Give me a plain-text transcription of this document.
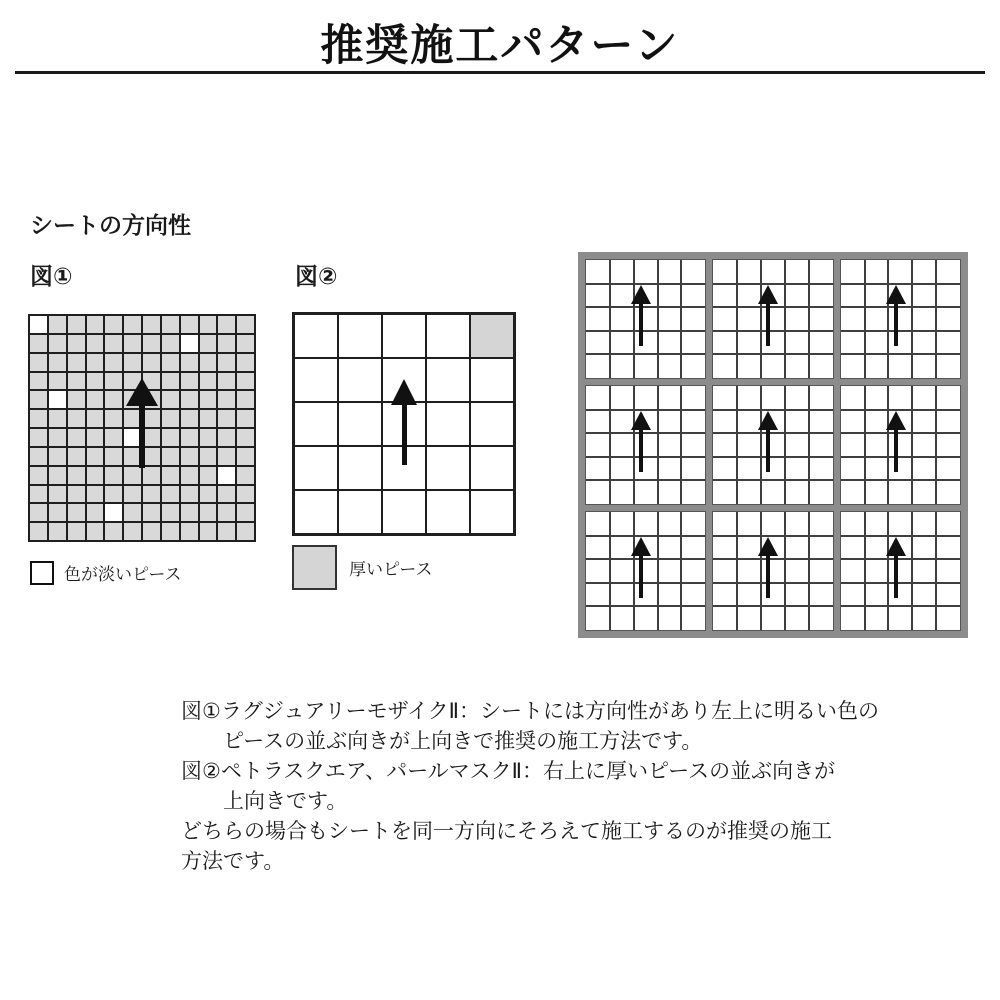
推奨施工パターン
シートの方向性
図①	図②
色が淡いピース	厚いピース
図①ラグジュアリーモザイクⅡ：シートには方向性があり左上に明るい色の
ピースの並ぶ向きが上向きで推奨の施工方法です。
図②ペトラスクエア、パールマスクⅡ：右上に厚いピースの並ぶ向きが
上向きです。
どちらの場合もシートを同一方向にそろえて施工するのが推奨の施工
方法です。
